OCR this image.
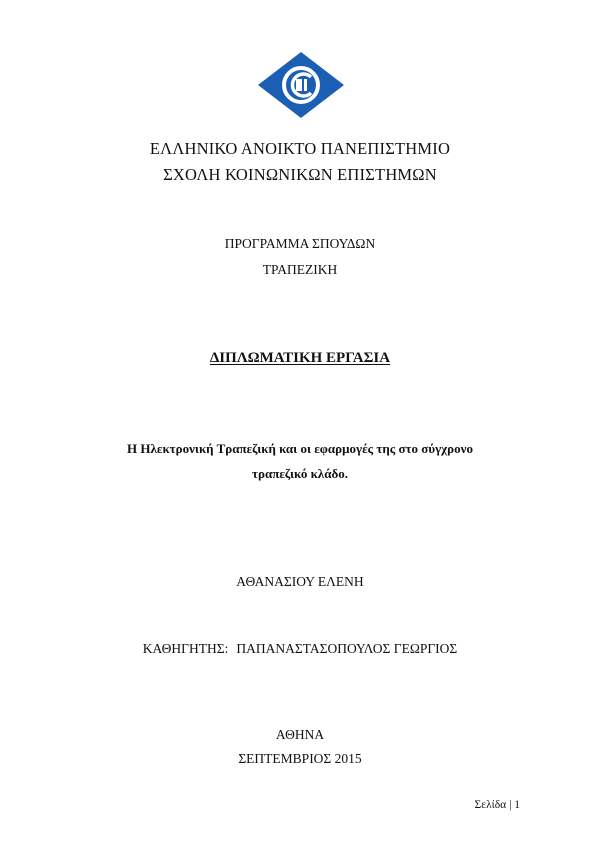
ΕΛΛΗΝΙΚΟ ΑΝΟΙΚΤΟ ΠΑΝΕΠΙΣΤΗΜΙΟ
ΣΧΟΛΗ ΚΟΙΝΩΝΙΚΩΝ ΕΠΙΣΤΗΜΩΝ
ΠΡΟΓΡΑΜΜΑ ΣΠΟΥΔΩΝ
ΤΡΑΠΕΖΙΚΗ
ΔΙΠΛΩΜΑΤΙΚΗ ΕΡΓΑΣΙΑ
Η Ηλεκτρονική Τραπεζική και οι εφαρμογές της στο σύγχρονο
τραπεζικό κλάδο.
ΑΘΑΝΑΣΙΟΥ ΕΛΕΝΗ
ΚΑΘΗΓΗΤΗΣ: ΠΑΠΑΝΑΣΤΑΣΟΠΟΥΛΟΣ ΓΕΩΡΓΙΟΣ
ΑΘΗΝΑ
ΣΕΠΤΕΜΒΡΙΟΣ 2015
Σελίδα | 1
